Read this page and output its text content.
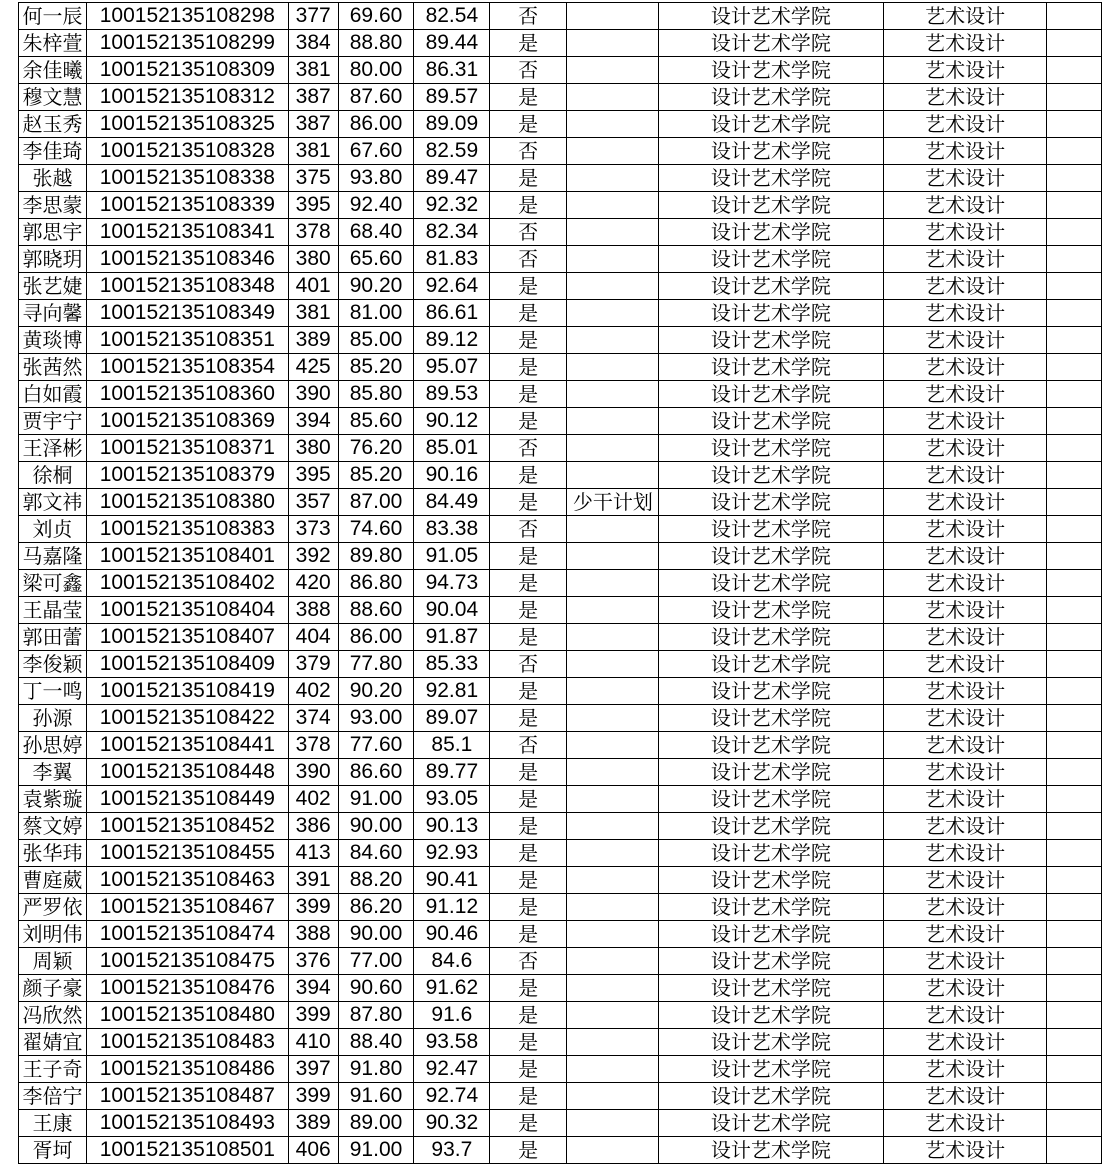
何一辰	100152135108298	377	69.60	82.54	否		设计艺术学院	艺术设计	
朱梓萱	100152135108299	384	88.80	89.44	是		设计艺术学院	艺术设计	
余佳曦	100152135108309	381	80.00	86.31	否		设计艺术学院	艺术设计	
穆文慧	100152135108312	387	87.60	89.57	是		设计艺术学院	艺术设计	
赵玉秀	100152135108325	387	86.00	89.09	是		设计艺术学院	艺术设计	
李佳琦	100152135108328	381	67.60	82.59	否		设计艺术学院	艺术设计	
张越	100152135108338	375	93.80	89.47	是		设计艺术学院	艺术设计	
李思蒙	100152135108339	395	92.40	92.32	是		设计艺术学院	艺术设计	
郭思宇	100152135108341	378	68.40	82.34	否		设计艺术学院	艺术设计	
郭晓玥	100152135108346	380	65.60	81.83	否		设计艺术学院	艺术设计	
张艺婕	100152135108348	401	90.20	92.64	是		设计艺术学院	艺术设计	
寻向馨	100152135108349	381	81.00	86.61	是		设计艺术学院	艺术设计	
黄琰博	100152135108351	389	85.00	89.12	是		设计艺术学院	艺术设计	
张茜然	100152135108354	425	85.20	95.07	是		设计艺术学院	艺术设计	
白如霞	100152135108360	390	85.80	89.53	是		设计艺术学院	艺术设计	
贾宇宁	100152135108369	394	85.60	90.12	是		设计艺术学院	艺术设计	
王泽彬	100152135108371	380	76.20	85.01	否		设计艺术学院	艺术设计	
徐桐	100152135108379	395	85.20	90.16	是		设计艺术学院	艺术设计	
郭文祎	100152135108380	357	87.00	84.49	是	少干计划	设计艺术学院	艺术设计	
刘贞	100152135108383	373	74.60	83.38	否		设计艺术学院	艺术设计	
马嘉隆	100152135108401	392	89.80	91.05	是		设计艺术学院	艺术设计	
梁可鑫	100152135108402	420	86.80	94.73	是		设计艺术学院	艺术设计	
王晶莹	100152135108404	388	88.60	90.04	是		设计艺术学院	艺术设计	
郭田蕾	100152135108407	404	86.00	91.87	是		设计艺术学院	艺术设计	
李俊颖	100152135108409	379	77.80	85.33	否		设计艺术学院	艺术设计	
丁一鸣	100152135108419	402	90.20	92.81	是		设计艺术学院	艺术设计	
孙源	100152135108422	374	93.00	89.07	是		设计艺术学院	艺术设计	
孙思婷	100152135108441	378	77.60	85.1	否		设计艺术学院	艺术设计	
李翼	100152135108448	390	86.60	89.77	是		设计艺术学院	艺术设计	
袁紫璇	100152135108449	402	91.00	93.05	是		设计艺术学院	艺术设计	
蔡文婷	100152135108452	386	90.00	90.13	是		设计艺术学院	艺术设计	
张华玮	100152135108455	413	84.60	92.93	是		设计艺术学院	艺术设计	
曹庭葳	100152135108463	391	88.20	90.41	是		设计艺术学院	艺术设计	
严罗依	100152135108467	399	86.20	91.12	是		设计艺术学院	艺术设计	
刘明伟	100152135108474	388	90.00	90.46	是		设计艺术学院	艺术设计	
周颖	100152135108475	376	77.00	84.6	否		设计艺术学院	艺术设计	
颜子豪	100152135108476	394	90.60	91.62	是		设计艺术学院	艺术设计	
冯欣然	100152135108480	399	87.80	91.6	是		设计艺术学院	艺术设计	
翟婧宜	100152135108483	410	88.40	93.58	是		设计艺术学院	艺术设计	
王子奇	100152135108486	397	91.80	92.47	是		设计艺术学院	艺术设计	
李倍宁	100152135108487	399	91.60	92.74	是		设计艺术学院	艺术设计	
王康	100152135108493	389	89.00	90.32	是		设计艺术学院	艺术设计	
胥坷	100152135108501	406	91.00	93.7	是		设计艺术学院	艺术设计	
